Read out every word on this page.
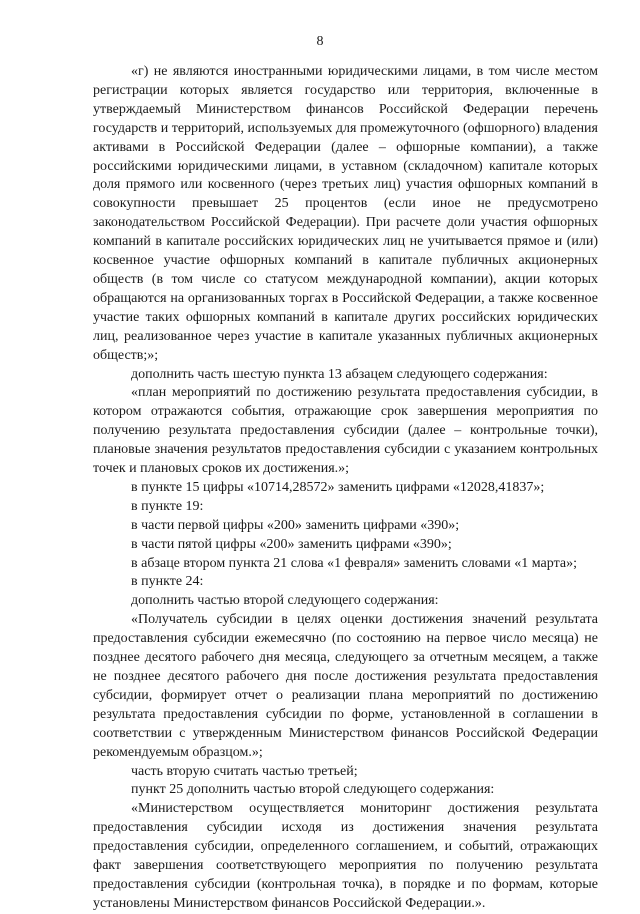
8

«г) не являются иностранными юридическими лицами, в том числе местом регистрации которых является государство или территория, включенные в утверждаемый Министерством финансов Российской Федерации перечень государств и территорий, используемых для промежуточного (офшорного) владения активами в Российской Федерации (далее – офшорные компании), а также российскими юридическими лицами, в уставном (складочном) капитале которых доля прямого или косвенного (через третьих лиц) участия офшорных компаний в совокупности превышает 25 процентов (если иное не предусмотрено законодательством Российской Федерации). При расчете доли участия офшорных компаний в капитале российских юридических лиц не учитывается прямое и (или) косвенное участие офшорных компаний в капитале публичных акционерных обществ (в том числе со статусом международной компании), акции которых обращаются на организованных торгах в Российской Федерации, а также косвенное участие таких офшорных компаний в капитале других российских юридических лиц, реализованное через участие в капитале указанных публичных акционерных обществ;»;

дополнить часть шестую пункта 13 абзацем следующего содержания:

«план мероприятий по достижению результата предоставления субсидии, в котором отражаются события, отражающие срок завершения мероприятия по получению результата предоставления субсидии (далее – контрольные точки), плановые значения результатов предоставления субсидии с указанием контрольных точек и плановых сроков их достижения.»;

в пункте 15 цифры «10714,28572» заменить цифрами «12028,41837»;

в пункте 19:

в части первой цифры «200» заменить цифрами «390»;

в части пятой цифры «200» заменить цифрами «390»;

в абзаце втором пункта 21 слова «1 февраля» заменить словами «1 марта»;

в пункте 24:

дополнить частью второй следующего содержания:

«Получатель субсидии в целях оценки достижения значений результата предоставления субсидии ежемесячно (по состоянию на первое число месяца) не позднее десятого рабочего дня месяца, следующего за отчетным месяцем, а также не позднее десятого рабочего дня после достижения результата предоставления субсидии, формирует отчет о реализации плана мероприятий по достижению результата предоставления субсидии по форме, установленной в соглашении в соответствии с утвержденным Министерством финансов Российской Федерации рекомендуемым образцом.»;

часть вторую считать частью третьей;

пункт 25 дополнить частью второй следующего содержания:

«Министерством осуществляется мониторинг достижения результата предоставления субсидии исходя из достижения значения результата предоставления субсидии, определенного соглашением, и событий, отражающих факт завершения соответствующего мероприятия по получению результата предоставления субсидии (контрольная точка), в порядке и по формам, которые установлены Министерством финансов Российской Федерации.».
